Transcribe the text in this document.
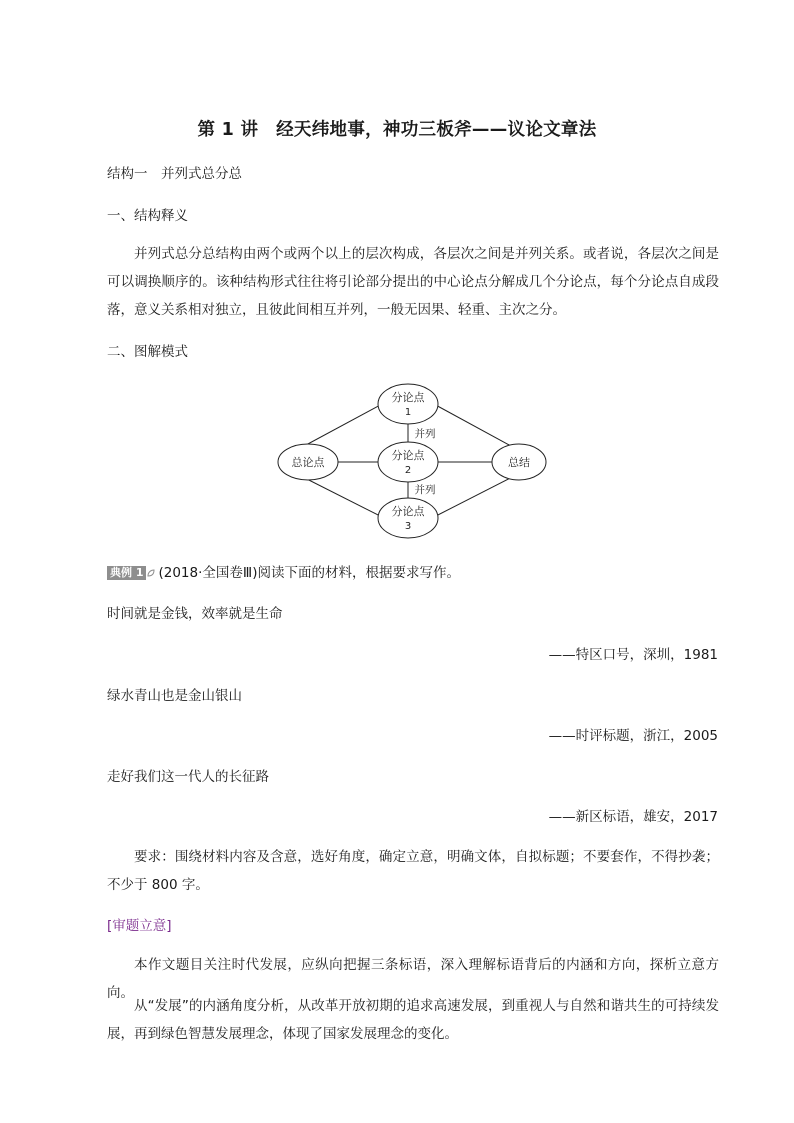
第 1 讲　经天纬地事，神功三板斧——议论文章法
结构一　并列式总分总
一、结构释义
并列式总分总结构由两个或两个以上的层次构成，各层次之间是并列关系。或者说，各层次之间是可以调换顺序的。该种结构形式往往将引论部分提出的中心论点分解成几个分论点，每个分论点自成段落，意义关系相对独立，且彼此间相互并列，一般无因果、轻重、主次之分。
二、图解模式
总论点
分论点
1
分论点
2
分论点
3
总结
并列
并列
典例 1 (2018·全国卷Ⅲ)阅读下面的材料，根据要求写作。
时间就是金钱，效率就是生命
——特区口号，深圳，1981
绿水青山也是金山银山
——时评标题，浙江，2005
走好我们这一代人的长征路
——新区标语，雄安，2017
要求：围绕材料内容及含意，选好角度，确定立意，明确文体，自拟标题；不要套作，不得抄袭；不少于 800 字。
[审题立意]
本作文题目关注时代发展，应纵向把握三条标语，深入理解标语背后的内涵和方向，探析立意方向。
从“发展”的内涵角度分析，从改革开放初期的追求高速发展，到重视人与自然和谐共生的可持续发展，再到绿色智慧发展理念，体现了国家发展理念的变化。
